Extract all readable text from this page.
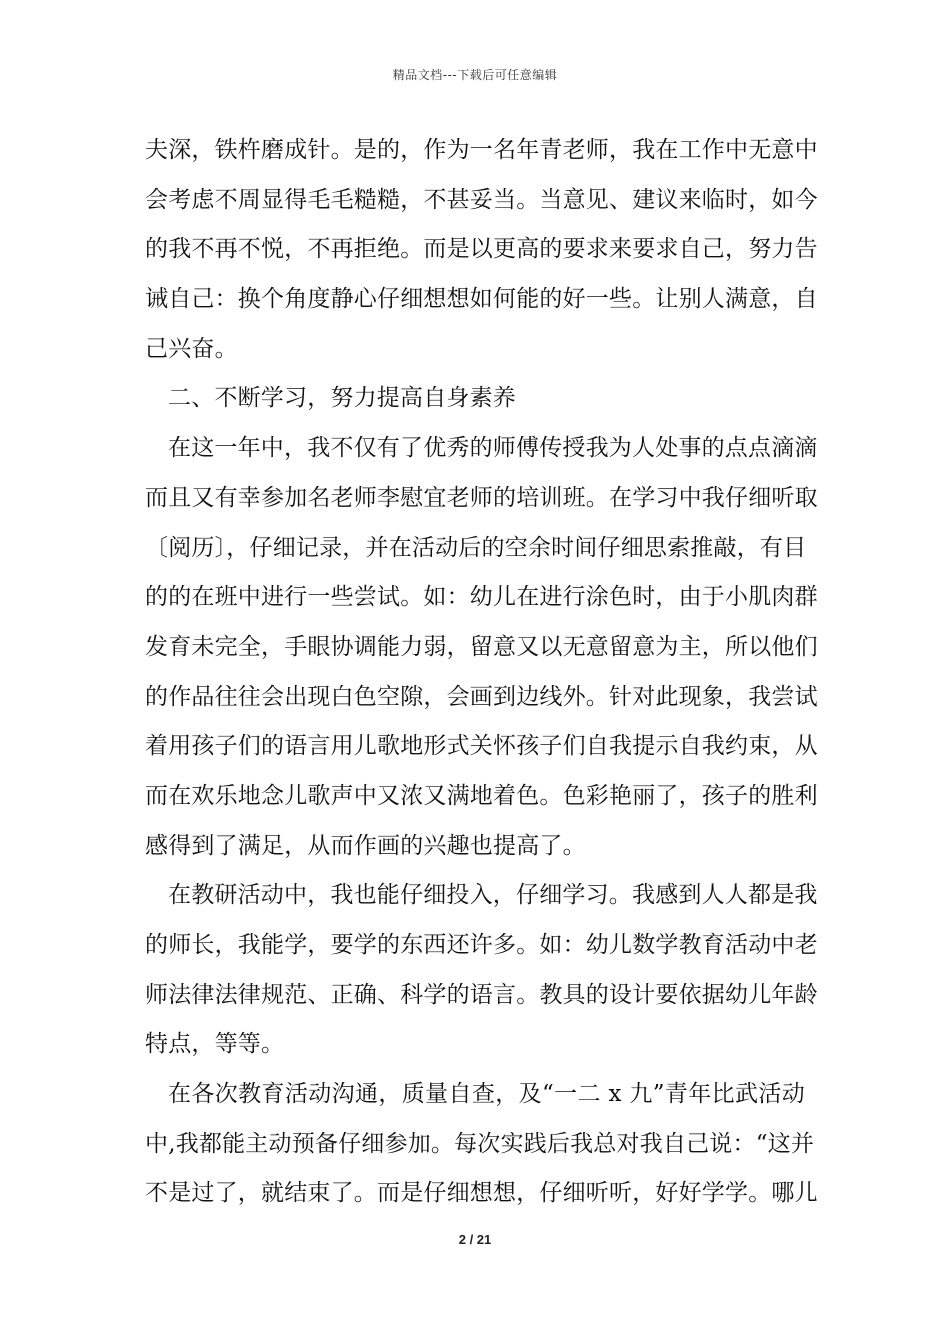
精品文档---下载后可任意编辑
夫深，铁杵磨成针。是的，作为一名年青老师，我在工作中无意中
会考虑不周显得毛毛糙糙，不甚妥当。当意见、建议来临时，如今
的我不再不悦，不再拒绝。而是以更高的要求来要求自己，努力告
诫自己：换个角度静心仔细想想如何能的好一些。让别人满意，自
己兴奋。
二、不断学习，努力提高自身素养
在这一年中，我不仅有了优秀的师傅传授我为人处事的点点滴滴
而且又有幸参加名老师李慰宜老师的培训班。在学习中我仔细听取
〔阅历〕，仔细记录，并在活动后的空余时间仔细思索推敲，有目
的的在班中进行一些尝试。如：幼儿在进行涂色时，由于小肌肉群
发育未完全，手眼协调能力弱，留意又以无意留意为主，所以他们
的作品往往会出现白色空隙，会画到边线外。针对此现象，我尝试
着用孩子们的语言用儿歌地形式关怀孩子们自我提示自我约束，从
而在欢乐地念儿歌声中又浓又满地着色。色彩艳丽了，孩子的胜利
感得到了满足，从而作画的兴趣也提高了。
在教研活动中，我也能仔细投入，仔细学习。我感到人人都是我
的师长，我能学，要学的东西还许多。如：幼儿数学教育活动中老
师法律法律规范、正确、科学的语言。教具的设计要依据幼儿年龄
特点，等等。
在各次教育活动沟通，质量自查，及“一二 x 九”青年比武活动
中,我都能主动预备仔细参加。每次实践后我总对我自己说：“这并
不是过了，就结束了。而是仔细想想，仔细听听，好好学学。哪儿
2 / 21
